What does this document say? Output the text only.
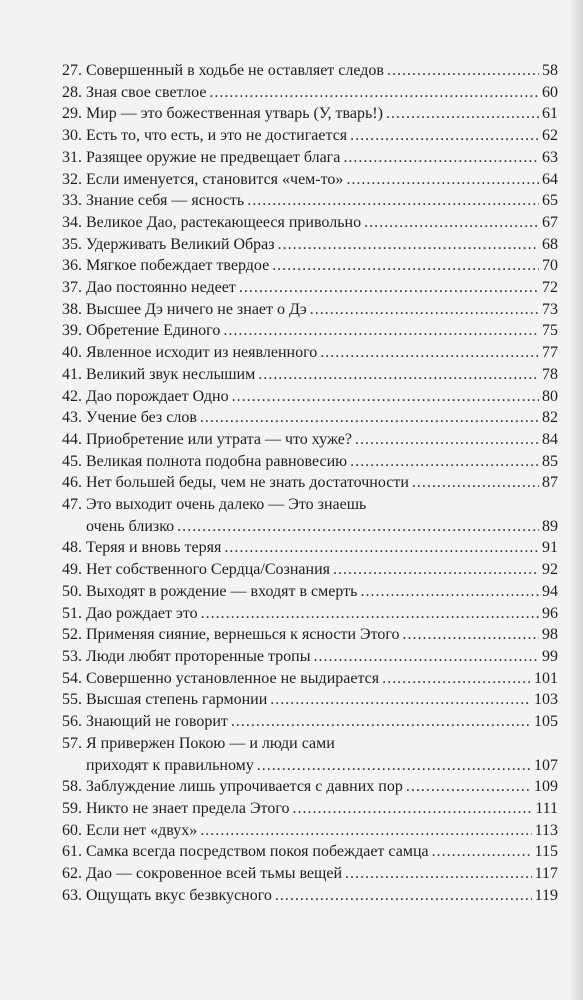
27. Совершенный в ходьбе не оставляет следов .....	58
28. Зная свое светлое .....	60
29. Мир — это божественная утварь (У, тварь!) .....	61
30. Есть то, что есть, и это не достигается .....	62
31. Разящее оружие не предвещает блага .....	63
32. Если именуется, становится «чем-то» .....	64
33. Знание себя — ясность .....	65
34. Великое Дао, растекающееся привольно .....	67
35. Удерживать Великий Образ .....	68
36. Мягкое побеждает твердое .....	70
37. Дао постоянно недеет .....	72
38. Высшее Дэ ничего не знает о Дэ .....	73
39. Обретение Единого .....	75
40. Явленное исходит из неявленного .....	77
41. Великий звук неслышим .....	78
42. Дао порождает Одно .....	80
43. Учение без слов .....	82
44. Приобретение или утрата — что хуже? .....	84
45. Великая полнота подобна равновесию .....	85
46. Нет большей беды, чем не знать достаточности .....	87
47. Это выходит очень далеко — Это знаешь
очень близко .....	89
48. Теряя и вновь теряя .....	91
49. Нет собственного Сердца/Сознания .....	92
50. Выходят в рождение — входят в смерть .....	94
51. Дао рождает это .....	96
52. Применяя сияние, вернешься к ясности Этого .....	98
53. Люди любят проторенные тропы .....	99
54. Совершенно установленное не выдирается .....	101
55. Высшая степень гармонии .....	103
56. Знающий не говорит .....	105
57. Я привержен Покою — и люди сами
приходят к правильному .....	107
58. Заблуждение лишь упрочивается с давних пор .....	109
59. Никто не знает предела Этого .....	111
60. Если нет «двух» .....	113
61. Самка всегда посредством покоя побеждает самца .....	115
62. Дао — сокровенное всей тьмы вещей .....	117
63. Ощущать вкус безвкусного .....	119
